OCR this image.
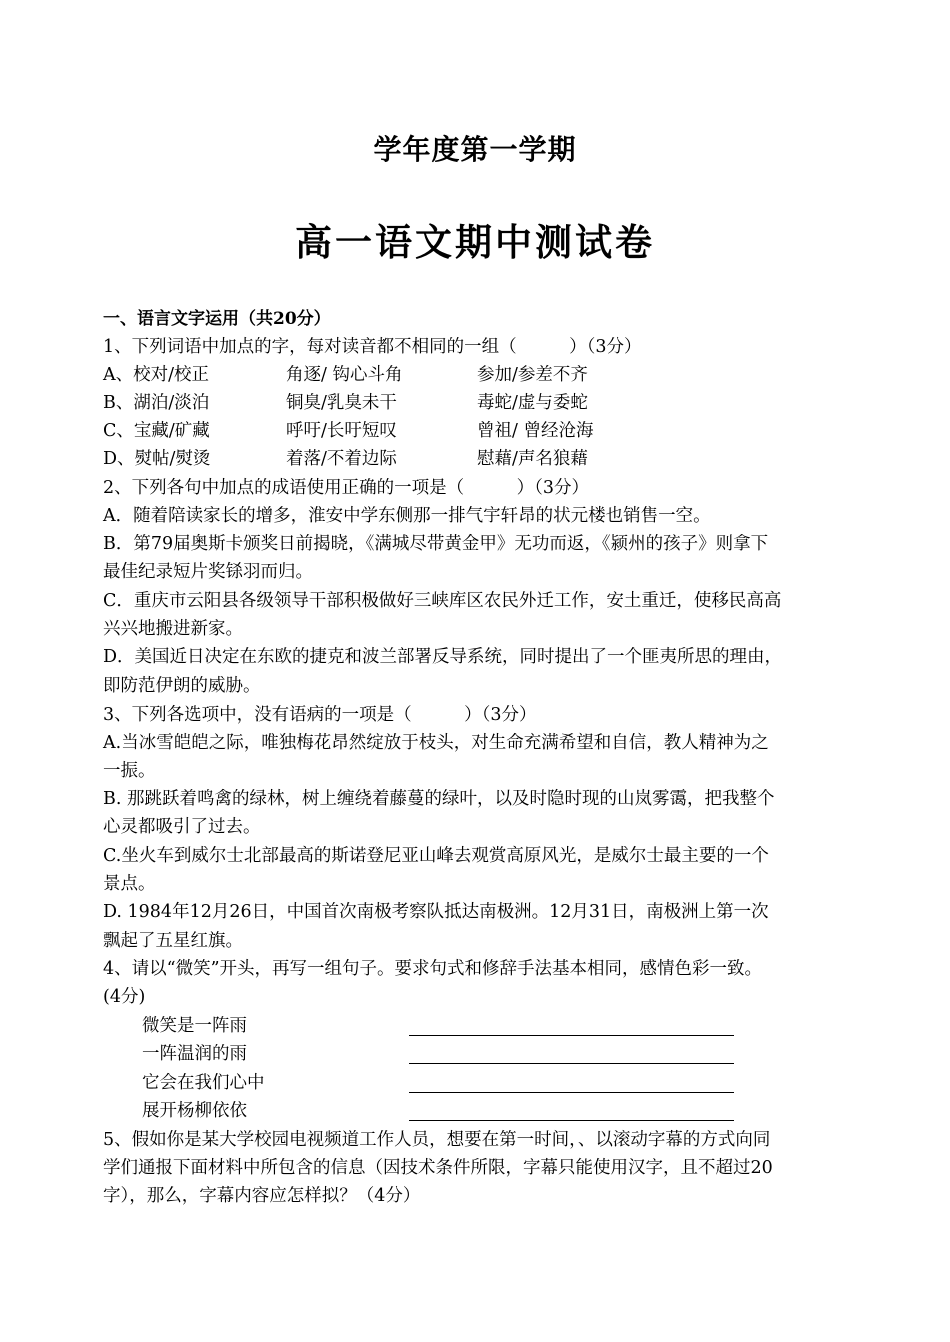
学年度第一学期
高一语文期中测试卷
一、语言文字运用（共20分）
1、下列词语中加点的字，每对读音都不相同的一组（　　　）（3分）
A、校对/校正	角逐/ 钩心斗角	参加/参差不齐
B、湖泊/淡泊	铜臭/乳臭未干	毒蛇/虚与委蛇
C、宝藏/矿藏	呼吁/长吁短叹	曾祖/ 曾经沧海
D、熨帖/熨烫	着落/不着边际	慰藉/声名狼藉
2、下列各句中加点的成语使用正确的一项是（　　　）（3分）
A．随着陪读家长的增多，淮安中学东侧那一排气宇轩昂的状元楼也销售一空。
B．第79届奥斯卡颁奖日前揭晓，《满城尽带黄金甲》无功而返，《颍州的孩子》则拿下
最佳纪录短片奖铩羽而归。
C．重庆市云阳县各级领导干部积极做好三峡库区农民外迁工作，安土重迁，使移民高高
兴兴地搬进新家。
D．美国近日决定在东欧的捷克和波兰部署反导系统，同时提出了一个匪夷所思的理由，
即防范伊朗的威胁。
3、下列各选项中，没有语病的一项是（　　　）（3分）
A.当冰雪皑皑之际，唯独梅花昂然绽放于枝头，对生命充满希望和自信，教人精神为之
一振。
B. 那跳跃着鸣禽的绿林，树上缠绕着藤蔓的绿叶，以及时隐时现的山岚雾霭，把我整个
心灵都吸引了过去。
C.坐火车到威尔士北部最高的斯诺登尼亚山峰去观赏高原风光，是威尔士最主要的一个
景点。
D. 1984年12月26日，中国首次南极考察队抵达南极洲。12月31日，南极洲上第一次
飘起了五星红旗。
4、请以“微笑”开头，再写一组句子。要求句式和修辞手法基本相同，感情色彩一致。
(4分)
微笑是一阵雨
一阵温润的雨
它会在我们心中
展开杨柳依依
5、假如你是某大学校园电视频道工作人员，想要在第一时间，、以滚动字幕的方式向同
学们通报下面材料中所包含的信息（因技术条件所限，字幕只能使用汉字，且不超过20
字），那么，字幕内容应怎样拟？（4分）
